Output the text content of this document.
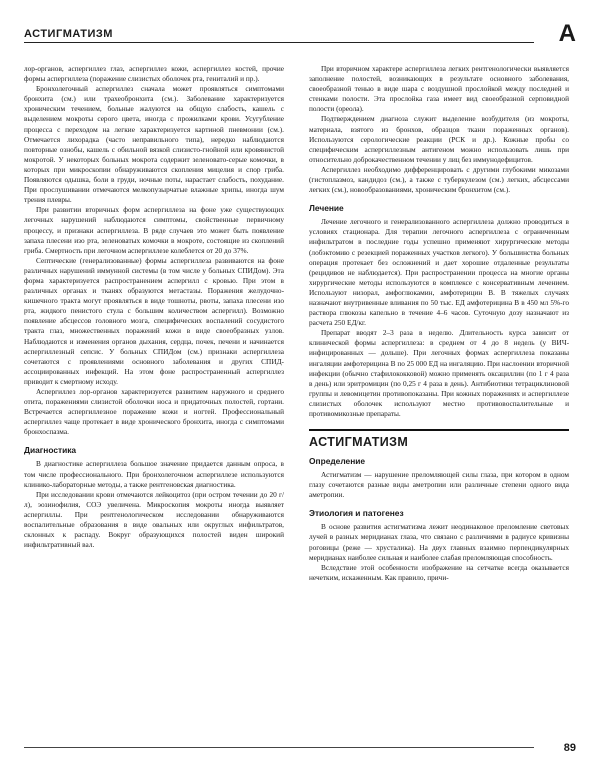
АСТИГМАТИЗМ	А

лор-органов, аспергиллез глаз, аспергиллез кожи, аспергиллез костей, прочие формы аспергиллеза (поражение слизистых оболочек рта, гениталий и пр.).

Бронхолегочный аспергиллез сначала может проявляться симптомами бронхита (см.) или трахеобронхита (см.). Заболевание характеризуется хроническим течением, больные жалуются на общую слабость, кашель с выделением мокроты серого цвета, иногда с прожилками крови. Усугубление процесса с переходом на легкие характеризуется картиной пневмонии (см.). Отмечается лихорадка (часто неправильного типа), нередко наблюдаются повторные ознобы, кашель с обильной вязкой слизисто-гнойной или кровянистой мокротой. У некоторых больных мокрота содержит зеленовато-серые комочки, в которых при микроскопии обнаруживаются скопления мицелия и спор гриба. Появляются одышка, боли в груди, ночные поты, нарастает слабость, похудание. При прослушивании отмечаются мелкопузырчатые влажные хрипы, иногда шум трения плевры.

При развитии вторичных форм аспергиллеза на фоне уже существующих легочных нарушений наблюдаются симптомы, свойственные первичному процессу, и признаки аспергиллеза. В ряде случаев это может быть появление запаха плесени изо рта, зеленоватых комочки в мокроте, состоящие из скоплений гриба. Смертность при легочном аспергиллезе колеблется от 20 до 37%.

Септические (генерализованные) формы аспергиллеза развиваются на фоне различных нарушений иммунной системы (в том числе у больных СПИДом). Эта форма характеризуется распространением аспергилл с кровью. При этом в различных органах и тканях образуются метастазы. Поражения желудочно-кишечного тракта могут проявляться в виде тошноты, рвоты, запаха плесени изо рта, жидкого пенистого стула с большим количеством аспергилл). Возможно появление абсцессов головного мозга, специфических воспалений сосудистого тракта глаз, множественных поражений кожи в виде своеобразных узлов. Наблюдаются и изменения органов дыхания, сердца, почек, печени и начинается аспергиллезный сепсис. У больных СПИДом (см.) признаки аспергиллеза сочетаются с проявлениями основного заболевания и других СПИД-ассоциированных инфекций. На этом фоне распространенный аспергиллез приводит к смертному исходу.

Аспергиллез лор-органов характеризуется развитием наружного и среднего отита, поражениями слизистой оболочки носа и придаточных полостей, гортани. Встречается аспергиллезное поражение кожи и ногтей. Профессиональный аспергиллез чаще протекает в виде хронического бронхита, иногда с симптомами бронхоспазма.

Диагностика

В диагностике аспергиллеза большое значение придается данным опроса, в том числе профессионального. При бронхолегочном аспергиллезе используются клинико-лабораторные методы, а также рентгеновская диагностика.

При исследовании крови отмечаются лейкоцитоз (при остром течении до 20 г/л), эозинофилия, СОЭ увеличена. Микроскопия мокроты иногда выявляет аспергиллы. При рентгенологическом исследовании обнаруживаются воспалительные образования в виде овальных или округлых инфильтратов, склонных к распаду. Вокруг образующихся полостей виден широкий инфильтративный вал.

При вторичном характере аспергиллеза легких рентгенологически выявляется заполнение полостей, возникающих в результате основного заболевания, своеобразной тенью в виде шара с воздушной прослойкой между последней и стенками полости. Эта прослойка газа имеет вид своеобразной серповидной полости (ореола).

Подтверждением диагноза служит выделение возбудителя (из мокроты, материала, взятого из бронхов, образцов ткани пораженных органов). Используются серологические реакции (РСК и др.). Кожные пробы со специфическим аспергиллезным антигеном можно использовать лишь при относительно доброкачественном течении у лиц без иммунодефицитов.

Аспергиллез необходимо дифференцировать с другими глубокими микозами (гистоплазмоз, кандидоз (см.), а также с туберкулезом (см.) легких, абсцессами легких (см.), новообразованиями, хроническим бронхитом (см.).

Лечение

Лечение легочного и генерализованного аспергиллеза должно проводиться в условиях стационара. Для терапии легочного аспергиллеза с ограниченным инфильтратом в последние годы успешно применяют хирургические методы (лобэктомию с резекцией пораженных участков легкого). У большинства больных операция протекает без осложнений и дает хорошие отдаленные результаты (рецидивов не наблюдается). При распространении процесса на многие органы хирургические методы используются в комплексе с консервативным лечением. Используют низорал, амфоглюкамин, амфотерицин В. В тяжелых случаях назначают внутривенные вливания по 50 тыс. ЕД амфотерицина В в 450 мл 5%-го раствора глюкозы капельно в течение 4–6 часов. Суточную дозу назначают из расчета 250 ЕД/кг.

Препарат вводят 2–3 раза в неделю. Длительность курса зависит от клинической формы аспергиллеза: в среднем от 4 до 8 недель (у ВИЧ-инфицированных — дольше). При легочных формах аспергиллеза показаны ингаляции амфотерицина В по 25 000 ЕД на ингаляцию. При наслоении вторичной инфекции (обычно стафилококковой) можно применять оксациллин (по 1 г 4 раза в день) или эритромицин (по 0,25 г 4 раза в день). Антибиотики тетрациклиновой группы и левомицетин противопоказаны. При кожных поражениях и аспергиллезе слизистых оболочек используют местно противовоспалительные и противомикозные препараты.

АСТИГМАТИЗМ
Определение

Астигматизм — нарушение преломляющей силы глаза, при котором в одном глазу сочетаются разные виды аметропии или различные степени одного вида аметропии.

Этиология и патогенез

В основе развития астигматизма лежит неодинаковое преломление световых лучей в разных меридианах глаза, что связано с различиями в радиусе кривизны роговицы (реже — хрусталика). На двух главных взаимно перпендикулярных меридианах наиболее сильная и наиболее слабая преломляющая способность.

Вследствие этой особенности изображение на сетчатке всегда оказывается нечетким, искаженным. Как правило, причи-

89
